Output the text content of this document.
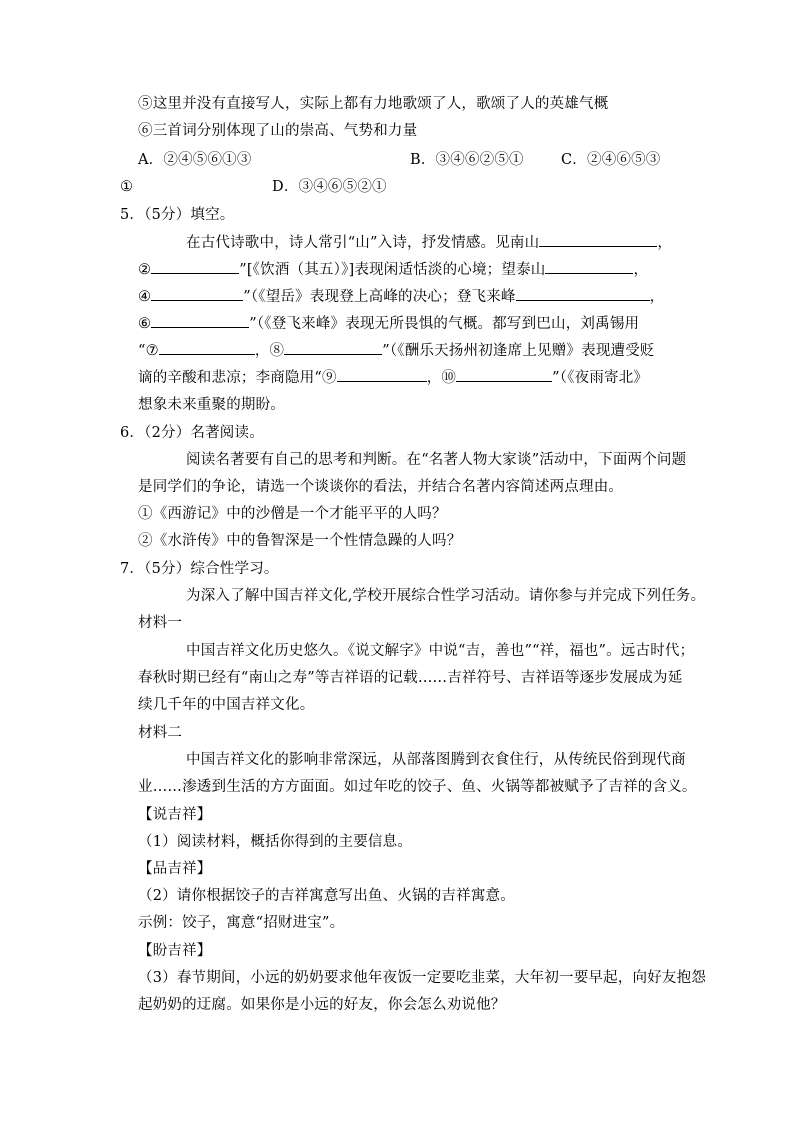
⑤这里并没有直接写人，实际上都有力地歌颂了人，歌颂了人的英雄气概
⑥三首词分别体现了山的崇高、气势和力量
A．②④⑤⑥①③	B．③④⑥②⑤①	C．②④⑥⑤③
①	D．③④⑥⑤②①
5．（5分）填空。
在古代诗歌中，诗人常引“山”入诗，抒发情感。见南山	，
②	”[《饮酒（其五）》]表现闲适恬淡的心境；望泰山	，
④	”（《望岳》表现登上高峰的决心；登飞来峰	，
⑥	”（《登飞来峰》表现无所畏惧的气概。都写到巴山，刘禹锡用
“⑦	，⑧	”（《酬乐天扬州初逢席上见赠》表现遭受贬
谪的辛酸和悲凉；李商隐用“⑨	，⑩	”（《夜雨寄北》
想象未来重聚的期盼。
6．（2分）名著阅读。
阅读名著要有自己的思考和判断。在“名著人物大家谈”活动中，下面两个问题
是同学们的争论，请选一个谈谈你的看法，并结合名著内容简述两点理由。
①《西游记》中的沙僧是一个才能平平的人吗？
②《水浒传》中的鲁智深是一个性情急躁的人吗？
7．（5分）综合性学习。
为深入了解中国吉祥文化,学校开展综合性学习活动。请你参与并完成下列任务。
材料一
中国吉祥文化历史悠久。《说文解字》中说“吉，善也”“祥，福也”。远古时代；
春秋时期已经有“南山之寿”等吉祥语的记载……吉祥符号、吉祥语等逐步发展成为延
续几千年的中国吉祥文化。
材料二
中国吉祥文化的影响非常深远，从部落图腾到衣食住行，从传统民俗到现代商
业……渗透到生活的方方面面。如过年吃的饺子、鱼、火锅等都被赋予了吉祥的含义。
【说吉祥】
（1）阅读材料，概括你得到的主要信息。
【品吉祥】
（2）请你根据饺子的吉祥寓意写出鱼、火锅的吉祥寓意。
示例：饺子，寓意“招财进宝”。
【盼吉祥】
（3）春节期间，小远的奶奶要求他年夜饭一定要吃韭菜，大年初一要早起，向好友抱怨
起奶奶的迂腐。如果你是小远的好友，你会怎么劝说他？
